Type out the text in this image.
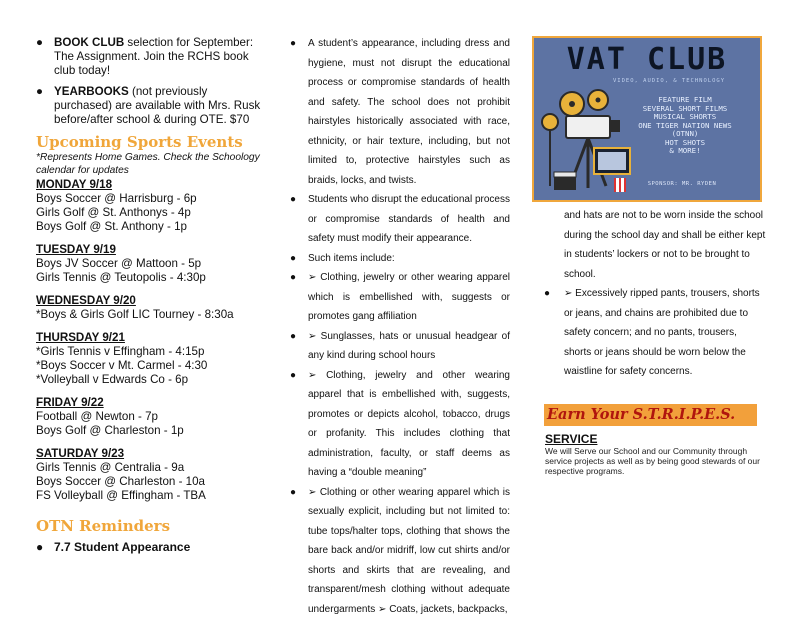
● BOOK CLUB selection for September: The Assignment. Join the RCHS book club today!
● YEARBOOKS (not previously purchased) are available with Mrs. Rusk before/after school & during OTE. $70
Upcoming Sports Events
*Represents Home Games. Check the Schoology calendar for updates
MONDAY 9/18
Boys Soccer @ Harrisburg - 6p
Girls Golf @ St. Anthonys - 4p
Boys Golf @ St. Anthony - 1p
TUESDAY 9/19
Boys JV Soccer @ Mattoon - 5p
Girls Tennis @ Teutopolis - 4:30p
WEDNESDAY 9/20
*Boys & Girls Golf LIC Tourney - 8:30a
THURSDAY 9/21
*Girls Tennis v Effingham - 4:15p
*Boys Soccer v Mt. Carmel - 4:30
*Volleyball v Edwards Co - 6p
FRIDAY 9/22
Football @ Newton - 7p
Boys Golf @ Charleston - 1p
SATURDAY 9/23
Girls Tennis @ Centralia - 9a
Boys Soccer @ Charleston - 10a
FS Volleyball @ Effingham - TBA
OTN Reminders
● 7.7 Student Appearance
●	A student’s appearance, including dress and hygiene, must not disrupt the educational process or compromise standards of health and safety. The school does not prohibit hairstyles historically associated with race, ethnicity, or hair texture, including, but not limited to, protective hairstyles such as braids, locks, and twists.
●	Students who disrupt the educational process or compromise standards of health and safety must modify their appearance.
●	Such items include:
●	➢ Clothing, jewelry or other wearing apparel which is embellished with, suggests or promotes gang affiliation
●	➢ Sunglasses, hats or unusual headgear of any kind during school hours
●	➢ Clothing, jewelry and other wearing apparel that is embellished with, suggests, promotes or depicts alcohol, tobacco, drugs or profanity. This includes clothing that administration, faculty, or staff deems as having a “double meaning”
●	➢ Clothing or other wearing apparel which is sexually explicit, including but not limited to: tube tops/halter tops, clothing that shows the bare back and/or midriff, low cut shirts and/or shorts and skirts that are revealing, and transparent/mesh clothing without adequate undergarments ➢ Coats, jackets, backpacks,
VAT CLUB
VIDEO, AUDIO, & TECHNOLOGY
FEATURE FILM
SEVERAL SHORT FILMS
MUSICAL SHORTS
ONE TIGER NATION NEWS
(OTNN)
HOT SHOTS
& MORE!
SPONSOR: MR. RYDEN
and hats are not to be worn inside the school during the school day and shall be either kept in students’ lockers or not to be brought to school.
●	➢ Excessively ripped pants, trousers, shorts or jeans, and chains are prohibited due to safety concern; and no pants, trousers, shorts or jeans should be worn below the waistline for safety concerns.
Earn Your S.T.R.I.P.E.S.
SERVICE
We will Serve our School and our Community through service projects as well as by being good stewards of our respective programs.
